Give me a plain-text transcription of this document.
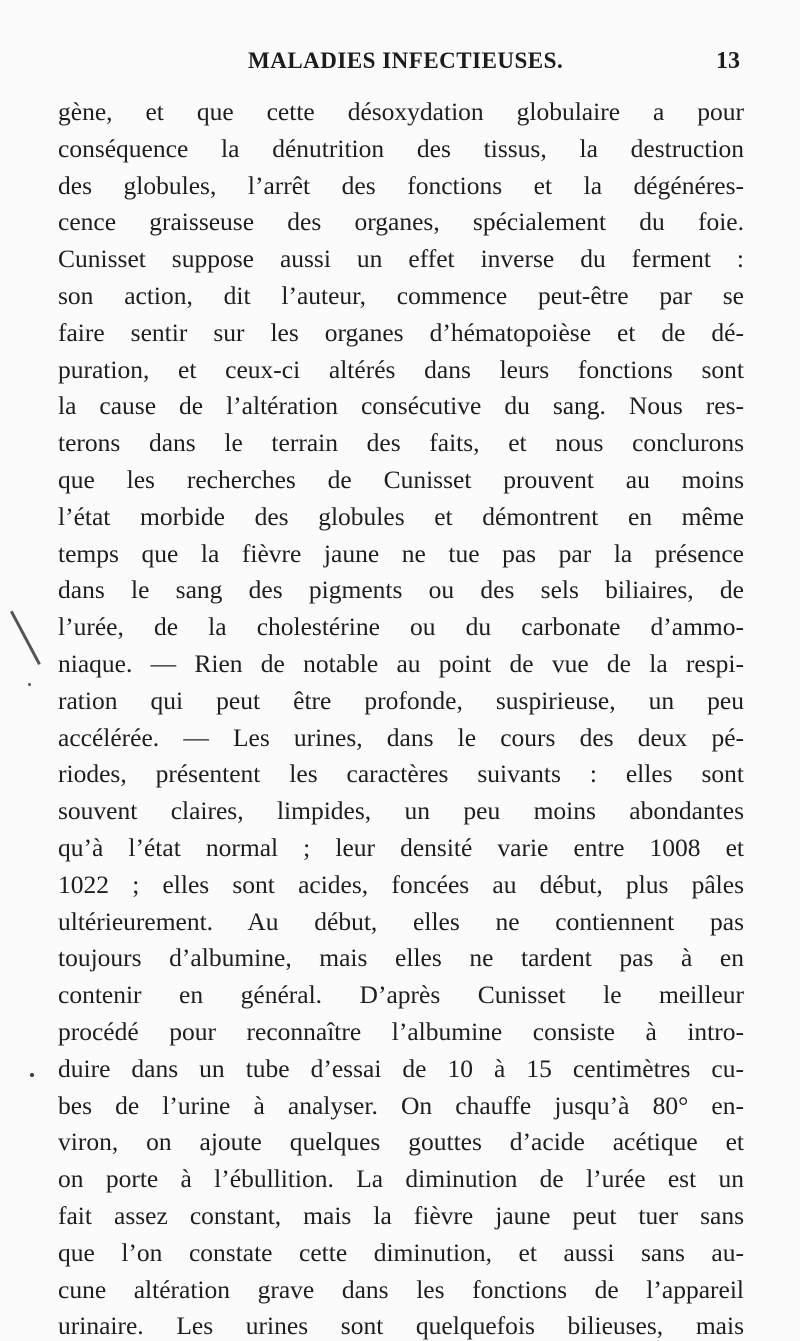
MALADIES INFECTIEUSES.	13
gène, et que cette désoxydation globulaire a pour
conséquence la dénutrition des tissus, la destruction
des globules, l’arrêt des fonctions et la dégénéres-
cence graisseuse des organes, spécialement du foie.
Cunisset suppose aussi un effet inverse du ferment :
son action, dit l’auteur, commence peut-être par se
faire sentir sur les organes d’hématopoièse et de dé-
puration, et ceux-ci altérés dans leurs fonctions sont
la cause de l’altération consécutive du sang. Nous res-
terons dans le terrain des faits, et nous conclurons
que les recherches de Cunisset prouvent au moins
l’état morbide des globules et démontrent en même
temps que la fièvre jaune ne tue pas par la présence
dans le sang des pigments ou des sels biliaires, de
l’urée, de la cholestérine ou du carbonate d’ammo-
niaque. — Rien de notable au point de vue de la respi-
ration qui peut être profonde, suspirieuse, un peu
accélérée. — Les urines, dans le cours des deux pé-
riodes, présentent les caractères suivants : elles sont
souvent claires, limpides, un peu moins abondantes
qu’à l’état normal ; leur densité varie entre 1008 et
1022 ; elles sont acides, foncées au début, plus pâles
ultérieurement. Au début, elles ne contiennent pas
toujours d’albumine, mais elles ne tardent pas à en
contenir en général. D’après Cunisset le meilleur
procédé pour reconnaître l’albumine consiste à intro-
duire dans un tube d’essai de 10 à 15 centimètres cu-
bes de l’urine à analyser. On chauffe jusqu’à 80° en-
viron, on ajoute quelques gouttes d’acide acétique et
on porte à l’ébullition. La diminution de l’urée est un
fait assez constant, mais la fièvre jaune peut tuer sans
que l’on constate cette diminution, et aussi sans au-
cune altération grave dans les fonctions de l’appareil
urinaire. Les urines sont quelquefois bilieuses, mais
